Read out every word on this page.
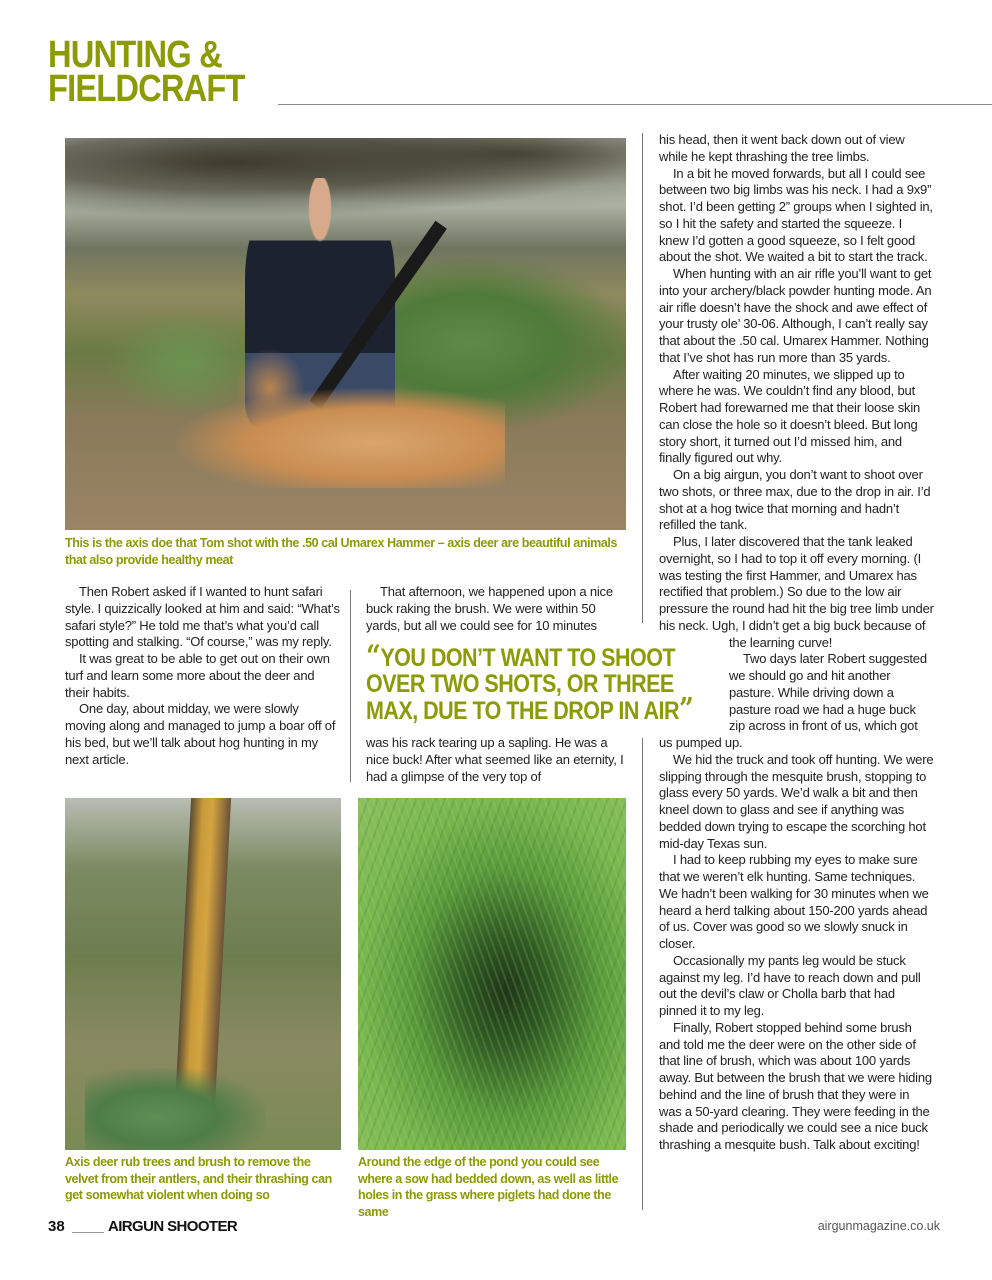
HUNTING &
FIELDCRAFT
This is the axis doe that Tom shot with the .50 cal Umarex Hammer – axis deer are beautiful animals that also provide healthy meat

Then Robert asked if I wanted to hunt safari style. I quizzically looked at him and said: “What’s safari style?” He told me that’s what you’d call spotting and stalking. “Of course,” was my reply.

It was great to be able to get out on their own turf and learn some more about the deer and their habits.

One day, about midday, we were slowly moving along and managed to jump a boar off of his bed, but we’ll talk about hog hunting in my next article.

That afternoon, we happened upon a nice buck raking the brush. We were within 50 yards, but all we could see for 10 minutes

“YOU DON’T WANT TO SHOOT
OVER TWO SHOTS, OR THREE
MAX, DUE TO THE DROP IN AIR”

was his rack tearing up a sapling. He was a nice buck! After what seemed like an eternity, I had a glimpse of the very top of

his head, then it went back down out of view while he kept thrashing the tree limbs.

In a bit he moved forwards, but all I could see between two big limbs was his neck. I had a 9x9” shot. I’d been getting 2” groups when I sighted in, so I hit the safety and started the squeeze. I knew I’d gotten a good squeeze, so I felt good about the shot. We waited a bit to start the track.

When hunting with an air rifle you’ll want to get into your archery/black powder hunting mode. An air rifle doesn’t have the shock and awe effect of your trusty ole’ 30-06. Although, I can’t really say that about the .50 cal. Umarex Hammer. Nothing that I’ve shot has run more than 35 yards.

After waiting 20 minutes, we slipped up to where he was. We couldn’t find any blood, but Robert had forewarned me that their loose skin can close the hole so it doesn’t bleed. But long story short, it turned out I’d missed him, and finally figured out why.

On a big airgun, you don’t want to shoot over two shots, or three max, due to the drop in air. I’d shot at a hog twice that morning and hadn’t refilled the tank.

Plus, I later discovered that the tank leaked overnight, so I had to top it off every morning. (I was testing the first Hammer, and Umarex has rectified that problem.) So due to the low air pressure the round had hit the big tree limb under his neck. Ugh, I didn’t get a big buck because of the learning curve!

Two days later Robert suggested we should go and hit another pasture. While driving down a pasture road we had a huge buck zip across in front of us, which got us pumped up.

We hid the truck and took off hunting. We were slipping through the mesquite brush, stopping to glass every 50 yards. We’d walk a bit and then kneel down to glass and see if anything was bedded down trying to escape the scorching hot mid-day Texas sun.

I had to keep rubbing my eyes to make sure that we weren’t elk hunting. Same techniques. We hadn’t been walking for 30 minutes when we heard a herd talking about 150-200 yards ahead of us. Cover was good so we slowly snuck in closer.

Occasionally my pants leg would be stuck against my leg. I’d have to reach down and pull out the devil’s claw or Cholla barb that had pinned it to my leg.

Finally, Robert stopped behind some brush and told me the deer were on the other side of that line of brush, which was about 100 yards away. But between the brush that we were hiding behind and the line of brush that they were in was a 50-yard clearing. They were feeding in the shade and periodically we could see a nice buck thrashing a mesquite bush. Talk about exciting!

Axis deer rub trees and brush to remove the velvet from their antlers, and their thrashing can get somewhat violent when doing so
Around the edge of the pond you could see where a sow had bedded down, as well as little holes in the grass where piglets had done the same
38	AIRGUN SHOOTER	airgunmagazine.co.uk
